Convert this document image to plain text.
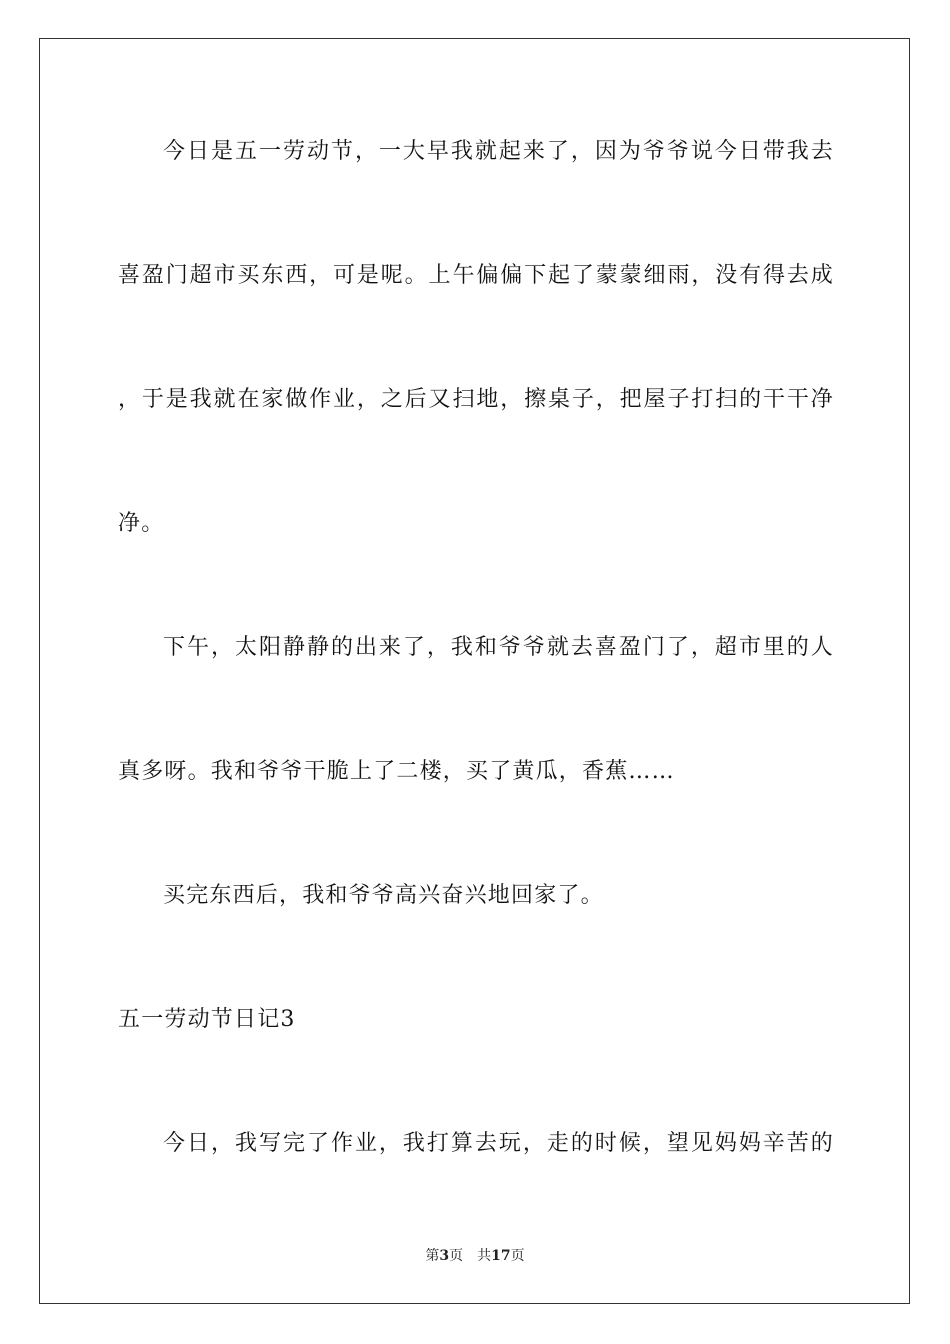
今日是五一劳动节，一大早我就起来了，因为爷爷说今日带我去
喜盈门超市买东西，可是呢。上午偏偏下起了蒙蒙细雨，没有得去成
，于是我就在家做作业，之后又扫地，擦桌子，把屋子打扫的干干净
净。
下午，太阳静静的出来了，我和爷爷就去喜盈门了，超市里的人
真多呀。我和爷爷干脆上了二楼，买了黄瓜，香蕉……
买完东西后，我和爷爷高兴奋兴地回家了。
五一劳动节日记3
今日，我写完了作业，我打算去玩，走的时候，望见妈妈辛苦的
第3页 共17页
